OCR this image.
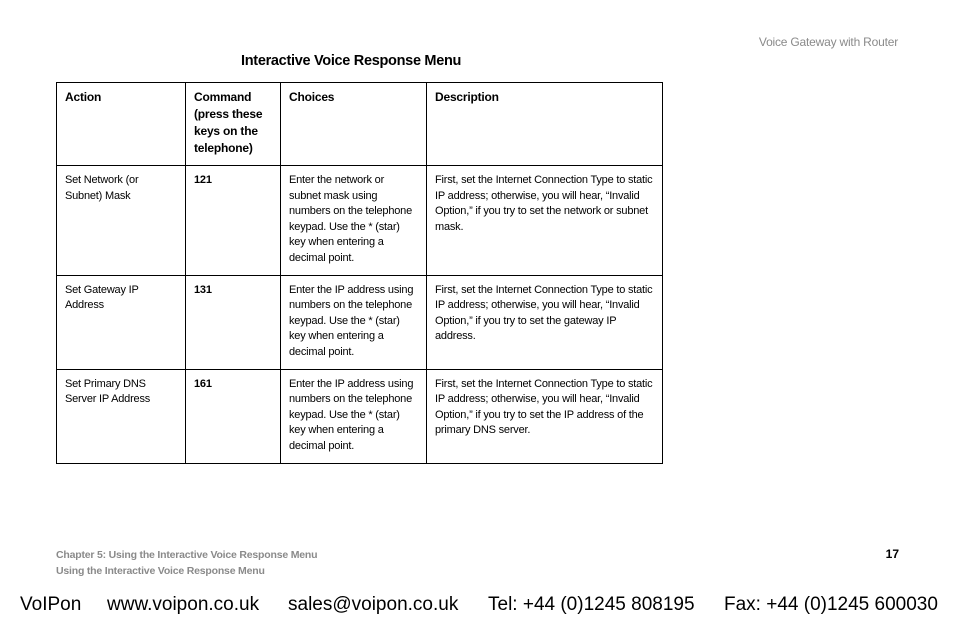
Voice Gateway with Router
Interactive Voice Response Menu
Action	Command (press these keys on the telephone)	Choices	Description
Set Network (or Subnet) Mask	121	Enter the network or subnet mask using numbers on the telephone keypad. Use the * (star) key when entering a decimal point.	First, set the Internet Connection Type to static IP address; otherwise, you will hear, “Invalid Option,” if you try to set the network or subnet mask.
Set Gateway IP Address	131	Enter the IP address using numbers on the telephone keypad. Use the * (star) key when entering a decimal point.	First, set the Internet Connection Type to static IP address; otherwise, you will hear, “Invalid Option,” if you try to set the gateway IP address.
Set Primary DNS Server IP Address	161	Enter the IP address using numbers on the telephone keypad. Use the * (star) key when entering a decimal point.	First, set the Internet Connection Type to static IP address; otherwise, you will hear, “Invalid Option,” if you try to set the IP address of the primary DNS server.
Chapter 5: Using the Interactive Voice Response Menu
Using the Interactive Voice Response Menu
17
VoIPon www.voipon.co.uk sales@voipon.co.uk Tel: +44 (0)1245 808195 Fax: +44 (0)1245 600030
